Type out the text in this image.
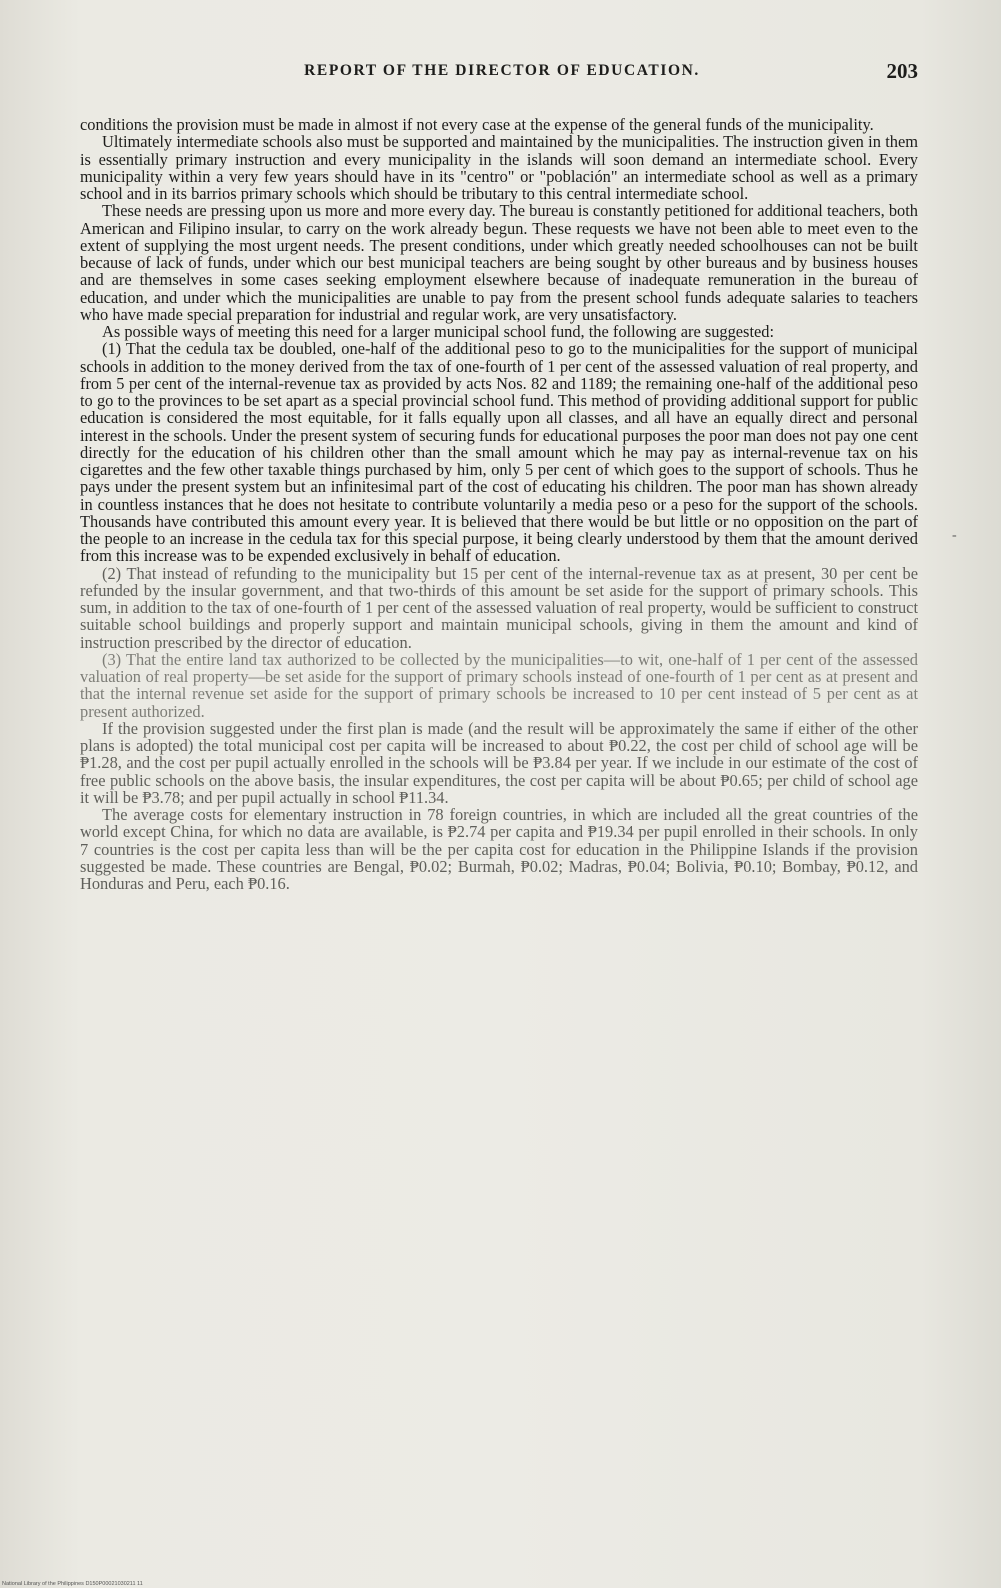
REPORT OF THE DIRECTOR OF EDUCATION.	203

conditions the provision must be made in almost if not every case at the expense of the general funds of the municipality.

Ultimately intermediate schools also must be supported and maintained by the municipalities. The instruction given in them is essentially primary instruction and every municipality in the islands will soon demand an intermediate school. Every municipality within a very few years should have in its "centro" or "población" an intermediate school as well as a primary school and in its barrios primary schools which should be tributary to this central intermediate school.

These needs are pressing upon us more and more every day. The bureau is constantly petitioned for additional teachers, both American and Filipino insular, to carry on the work already begun. These requests we have not been able to meet even to the extent of supplying the most urgent needs. The present conditions, under which greatly needed schoolhouses can not be built because of lack of funds, under which our best municipal teachers are being sought by other bureaus and by business houses and are themselves in some cases seeking employment elsewhere because of inadequate remuneration in the bureau of education, and under which the municipalities are unable to pay from the present school funds adequate salaries to teachers who have made special preparation for industrial and regular work, are very unsatisfactory.

As possible ways of meeting this need for a larger municipal school fund, the following are suggested:

(1) That the cedula tax be doubled, one-half of the additional peso to go to the municipalities for the support of municipal schools in addition to the money derived from the tax of one-fourth of 1 per cent of the assessed valuation of real property, and from 5 per cent of the internal-revenue tax as provided by acts Nos. 82 and 1189; the remaining one-half of the additional peso to go to the provinces to be set apart as a special provincial school fund. This method of providing additional support for public education is considered the most equitable, for it falls equally upon all classes, and all have an equally direct and personal interest in the schools. Under the present system of securing funds for educational purposes the poor man does not pay one cent directly for the education of his children other than the small amount which he may pay as internal-revenue tax on his cigarettes and the few other taxable things purchased by him, only 5 per cent of which goes to the support of schools. Thus he pays under the present system but an infinitesimal part of the cost of educating his children. The poor man has shown already in countless instances that he does not hesitate to contribute voluntarily a media peso or a peso for the support of the schools. Thousands have contributed this amount every year. It is believed that there would be but little or no opposition on the part of the people to an increase in the cedula tax for this special purpose, it being clearly understood by them that the amount derived from this increase was to be expended exclusively in behalf of education.

(2) That instead of refunding to the municipality but 15 per cent of the internal-revenue tax as at present, 30 per cent be refunded by the insular government, and that two-thirds of this amount be set aside for the support of primary schools. This sum, in addition to the tax of one-fourth of 1 per cent of the assessed valuation of real property, would be sufficient to construct suitable school buildings and properly support and maintain municipal schools, giving in them the amount and kind of instruction prescribed by the director of education.

(3) That the entire land tax authorized to be collected by the municipalities—to wit, one-half of 1 per cent of the assessed valuation of real property—be set aside for the support of primary schools instead of one-fourth of 1 per cent as at present and that the internal revenue set aside for the support of primary schools be increased to 10 per cent instead of 5 per cent as at present authorized.

If the provision suggested under the first plan is made (and the result will be approximately the same if either of the other plans is adopted) the total municipal cost per capita will be increased to about ₱0.22, the cost per child of school age will be ₱1.28, and the cost per pupil actually enrolled in the schools will be ₱3.84 per year. If we include in our estimate of the cost of free public schools on the above basis, the insular expenditures, the cost per capita will be about ₱0.65; per child of school age it will be ₱3.78; and per pupil actually in school ₱11.34.

The average costs for elementary instruction in 78 foreign countries, in which are included all the great countries of the world except China, for which no data are available, is ₱2.74 per capita and ₱19.34 per pupil enrolled in their schools. In only 7 countries is the cost per capita less than will be the per capita cost for education in the Philippine Islands if the provision suggested be made. These countries are Bengal, ₱0.02; Burmah, ₱0.02; Madras, ₱0.04; Bolivia, ₱0.10; Bombay, ₱0.12, and Honduras and Peru, each ₱0.16.

-
National Library of the Philippines D150P00021030211 11
